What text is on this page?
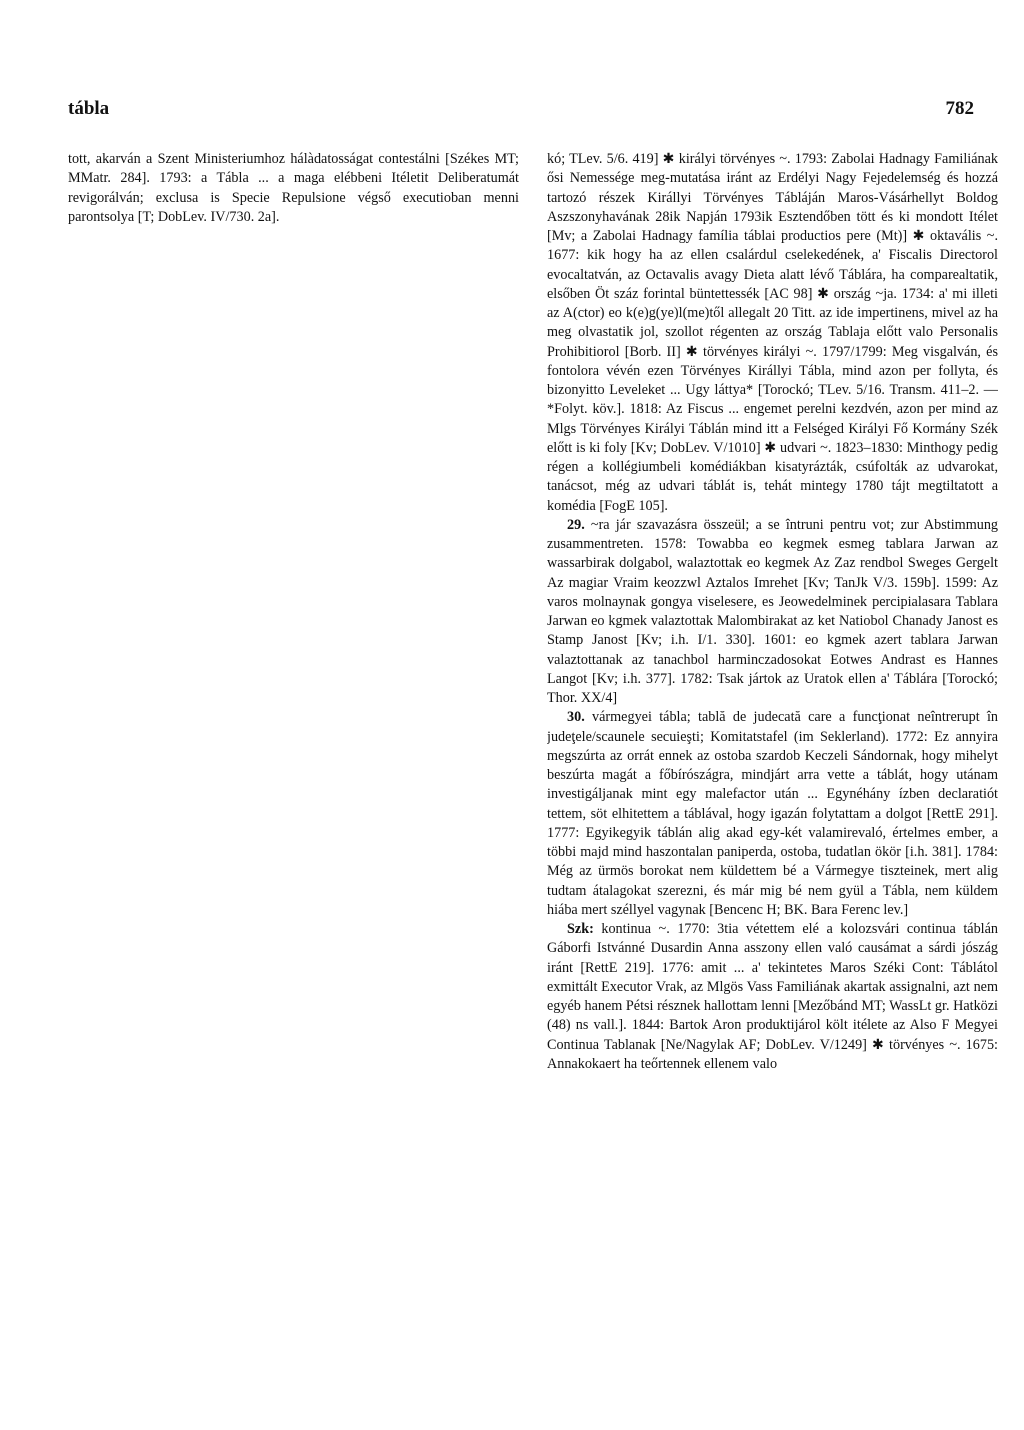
tábla	782

tott, akarván a Szent Ministeriumhoz hálàdatosságat contestálni [Székes MT; MMatr. 284]. 1793: a Tábla ... a maga elébbeni Itéletit Deliberatumát revigorálván; exclusa is Specie Repulsione végső executioban menni parontsolya [T; DobLev. IV/730. 2a].

kó; TLev. 5/6. 419] ✱ királyi törvényes ~. 1793: Zabolai Hadnagy Familiának ősi Nemessége meg-mutatása iránt az Erdélyi Nagy Fejedelemség és hozzá tartozó részek Királlyi Törvényes Tábláján Maros-Vásárhellyt Boldog Aszszonyhavának 28ik Napján 1793ik Esztendőben tött és ki mondott Itélet [Mv; a Zabolai Hadnagy família táblai productios pere (Mt)] ✱ oktavális ~. 1677: kik hogy ha az ellen csalárdul cselekedének, a' Fiscalis Directorol evocaltatván, az Octavalis avagy Dieta alatt lévő Táblára, ha comparealtatik, elsőben Öt száz forintal büntettessék [AC 98] ✱ ország ~ja. 1734: a' mi illeti az A(ctor) eo k(e)g(ye)l(me)től allegalt 20 Titt. az ide impertinens, mivel az ha meg olvastatik jol, szollot régenten az ország Tablaja előtt valo Personalis Prohibitiorol [Borb. II] ✱ törvényes királyi ~. 1797/1799: Meg visgalván, és fontolora vévén ezen Törvényes Királlyi Tábla, mind azon per follyta, és bizonyitto Leveleket ... Ugy láttya* [Torockó; TLev. 5/16. Transm. 411–2. — *Folyt. köv.]. 1818: Az Fiscus ... engemet perelni kezdvén, azon per mind az Mlgs Törvényes Királyi Táblán mind itt a Felséged Királyi Fő Kormány Szék előtt is ki foly [Kv; DobLev. V/1010] ✱ udvari ~. 1823–1830: Minthogy pedig régen a kollégiumbeli komédiákban kisatyrázták, csúfolták az udvarokat, tanácsot, még az udvari táblát is, tehát mintegy 1780 tájt megtiltatott a komédia [FogE 105].

29. ~ra jár szavazásra összeül; a se întruni pentru vot; zur Abstimmung zusammentreten. 1578: Towabba eo kegmek esmeg tablara Jarwan az wassarbirak dolgabol, walaztottak eo kegmek Az Zaz rendbol Sweges Gergelt Az magiar Vraim keozzwl Aztalos Imrehet [Kv; TanJk V/3. 159b]. 1599: Az varos molnaynak gongya viselesere, es Jeowedelminek percipialasara Tablara Jarwan eo kgmek valaztottak Malombirakat az ket Natiobol Chanady Janost es Stamp Janost [Kv; i.h. I/1. 330]. 1601: eo kgmek azert tablara Jarwan valaztottanak az tanachbol harminczadosokat Eotwes Andrast es Hannes Langot [Kv; i.h. 377]. 1782: Tsak jártok az Uratok ellen a' Táblára [Torockó; Thor. XX/4]

30. vármegyei tábla; tablă de judecată care a funcţionat neîntrerupt în judeţele/scaunele secuieşti; Komitatstafel (im Seklerland). 1772: Ez annyira megszúrta az orrát ennek az ostoba szardob Keczeli Sándornak, hogy mihelyt beszúrta magát a főbírószágra, mindjárt arra vette a táblát, hogy utánam investigáljanak mint egy malefactor után ... Egynéhány ízben declaratiót tettem, söt elhitettem a táblával, hogy igazán folytattam a dolgot [RettE 291]. 1777: Egyikegyik táblán alig akad egy-két valamirevaló, értelmes ember, a többi majd mind haszontalan paniperda, ostoba, tudatlan ökör [i.h. 381]. 1784: Még az ürmös borokat nem küldettem bé a Vármegye tiszteinek, mert alig tudtam átalagokat szerezni, és már mig bé nem gyül a Tábla, nem küldem hiába mert széllyel vagynak [Bencenc H; BK. Bara Ferenc lev.]

Szk: kontinua ~. 1770: 3tia vétettem elé a kolozsvári continua táblán Gáborfi Istvánné Dusardin Anna asszony ellen való causámat a sárdi jószág iránt [RettE 219]. 1776: amit ... a' tekintetes Maros Széki Cont: Táblátol exmittált Executor Vrak, az Mlgös Vass Familiának akartak assignalni, azt nem egyéb hanem Pétsi résznek hallottam lenni [Mezőbánd MT; WassLt gr. Hatközi (48) ns vall.]. 1844: Bartok Aron produktijárol költ itélete az Also F Megyei Continua Tablanak [Ne/Nagylak AF; DobLev. V/1249] ✱ törvényes ~. 1675: Annakokaert ha teőrtennek ellenem valo
